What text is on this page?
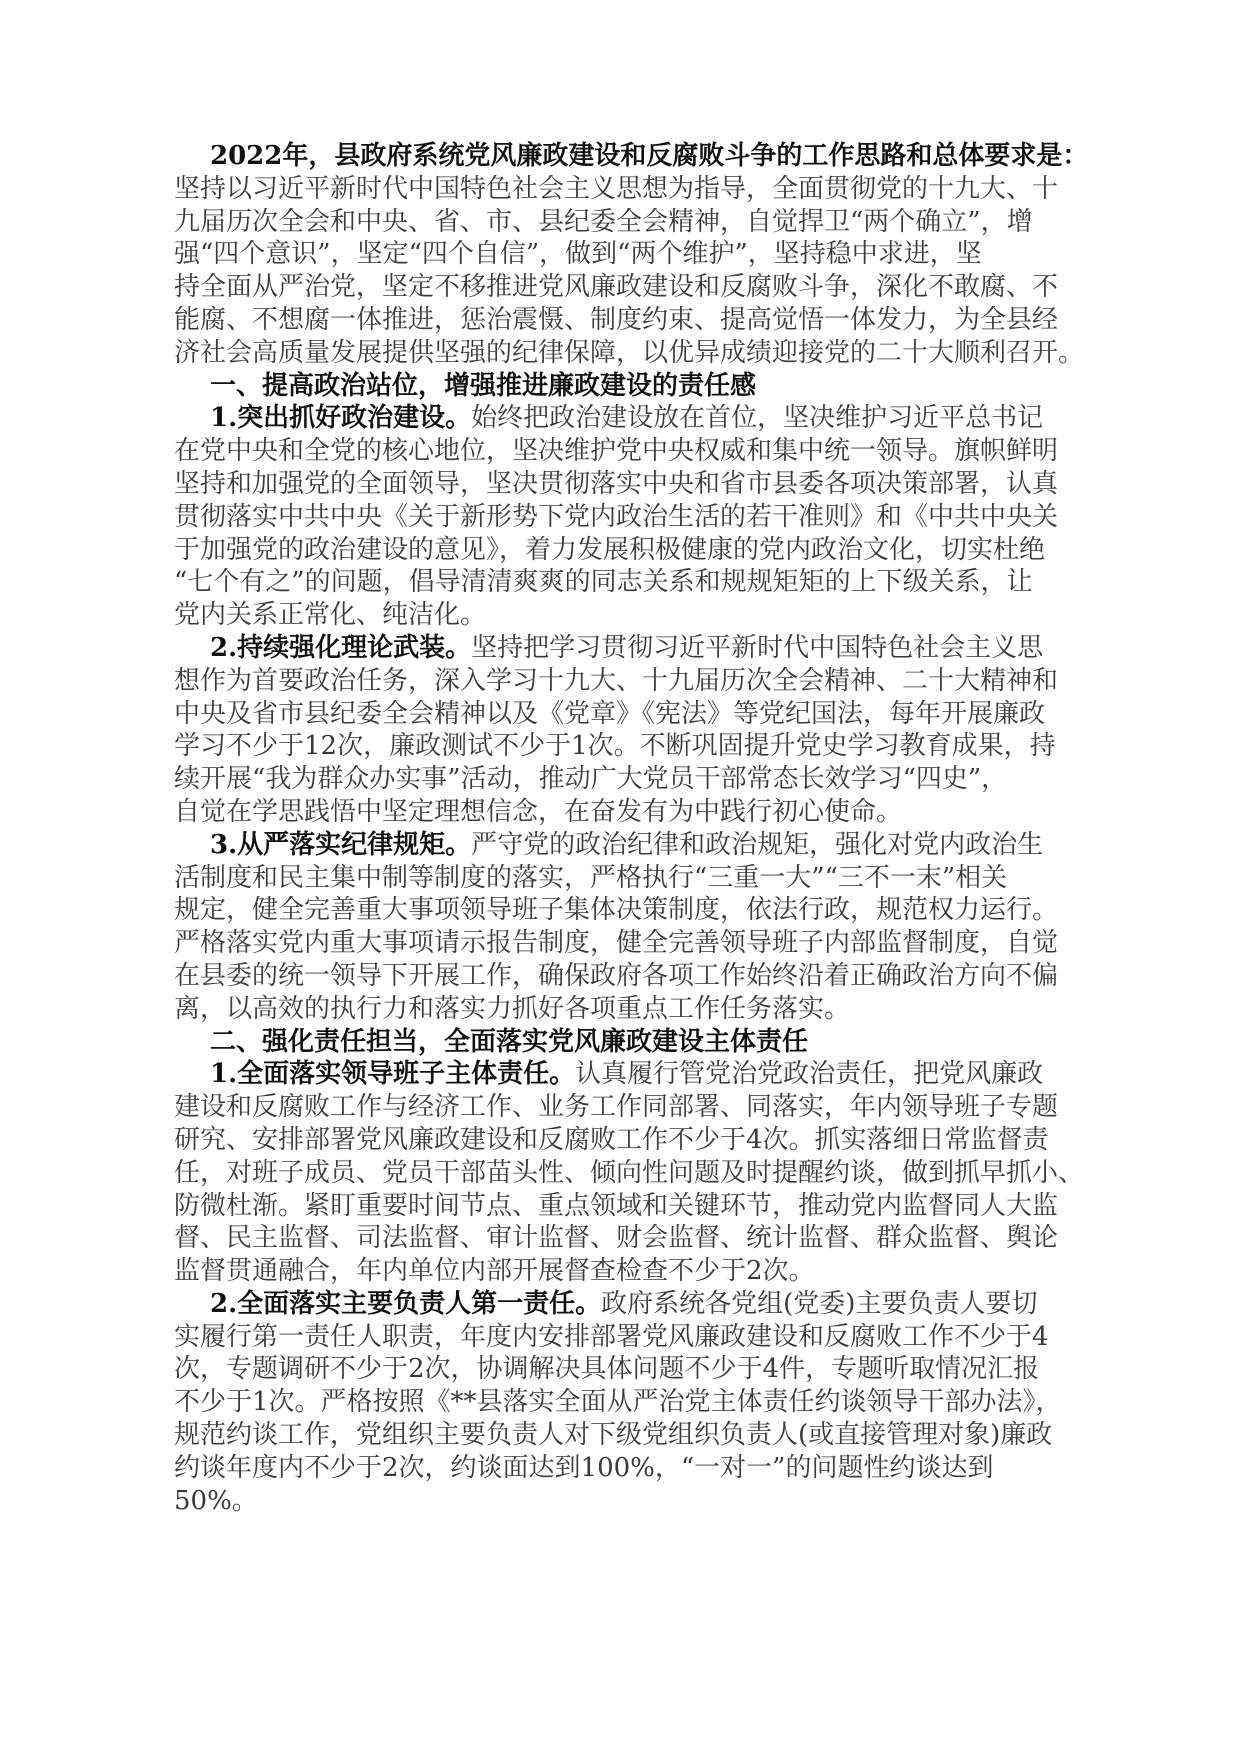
2022年，县政府系统党风廉政建设和反腐败斗争的工作思路和总体要求是：
坚持以习近平新时代中国特色社会主义思想为指导，全面贯彻党的十九大、十
九届历次全会和中央、省、市、县纪委全会精神，自觉捍卫“两个确立”，增
强“四个意识”，坚定“四个自信”，做到“两个维护”，坚持稳中求进，坚
持全面从严治党，坚定不移推进党风廉政建设和反腐败斗争，深化不敢腐、不
能腐、不想腐一体推进，惩治震慑、制度约束、提高觉悟一体发力，为全县经
济社会高质量发展提供坚强的纪律保障，以优异成绩迎接党的二十大顺利召开。
一、提高政治站位，增强推进廉政建设的责任感
1.突出抓好政治建设。始终把政治建设放在首位，坚决维护习近平总书记
在党中央和全党的核心地位，坚决维护党中央权威和集中统一领导。旗帜鲜明
坚持和加强党的全面领导，坚决贯彻落实中央和省市县委各项决策部署，认真
贯彻落实中共中央《关于新形势下党内政治生活的若干准则》和《中共中央关
于加强党的政治建设的意见》，着力发展积极健康的党内政治文化，切实杜绝
“七个有之”的问题，倡导清清爽爽的同志关系和规规矩矩的上下级关系，让
党内关系正常化、纯洁化。
2.持续强化理论武装。坚持把学习贯彻习近平新时代中国特色社会主义思
想作为首要政治任务，深入学习十九大、十九届历次全会精神、二十大精神和
中央及省市县纪委全会精神以及《党章》《宪法》等党纪国法，每年开展廉政
学习不少于12次，廉政测试不少于1次。不断巩固提升党史学习教育成果，持
续开展“我为群众办实事”活动，推动广大党员干部常态长效学习“四史”，
自觉在学思践悟中坚定理想信念，在奋发有为中践行初心使命。
3.从严落实纪律规矩。严守党的政治纪律和政治规矩，强化对党内政治生
活制度和民主集中制等制度的落实，严格执行“三重一大”“三不一末”相关
规定，健全完善重大事项领导班子集体决策制度，依法行政，规范权力运行。
严格落实党内重大事项请示报告制度，健全完善领导班子内部监督制度，自觉
在县委的统一领导下开展工作，确保政府各项工作始终沿着正确政治方向不偏
离，以高效的执行力和落实力抓好各项重点工作任务落实。
二、强化责任担当，全面落实党风廉政建设主体责任
1.全面落实领导班子主体责任。认真履行管党治党政治责任，把党风廉政
建设和反腐败工作与经济工作、业务工作同部署、同落实，年内领导班子专题
研究、安排部署党风廉政建设和反腐败工作不少于4次。抓实落细日常监督责
任，对班子成员、党员干部苗头性、倾向性问题及时提醒约谈，做到抓早抓小、
防微杜渐。紧盯重要时间节点、重点领域和关键环节，推动党内监督同人大监
督、民主监督、司法监督、审计监督、财会监督、统计监督、群众监督、舆论
监督贯通融合，年内单位内部开展督查检查不少于2次。
2.全面落实主要负责人第一责任。政府系统各党组(党委)主要负责人要切
实履行第一责任人职责，年度内安排部署党风廉政建设和反腐败工作不少于4
次，专题调研不少于2次，协调解决具体问题不少于4件，专题听取情况汇报
不少于1次。严格按照《**县落实全面从严治党主体责任约谈领导干部办法》，
规范约谈工作，党组织主要负责人对下级党组织负责人(或直接管理对象)廉政
约谈年度内不少于2次，约谈面达到100%，“一对一”的问题性约谈达到
50%。
